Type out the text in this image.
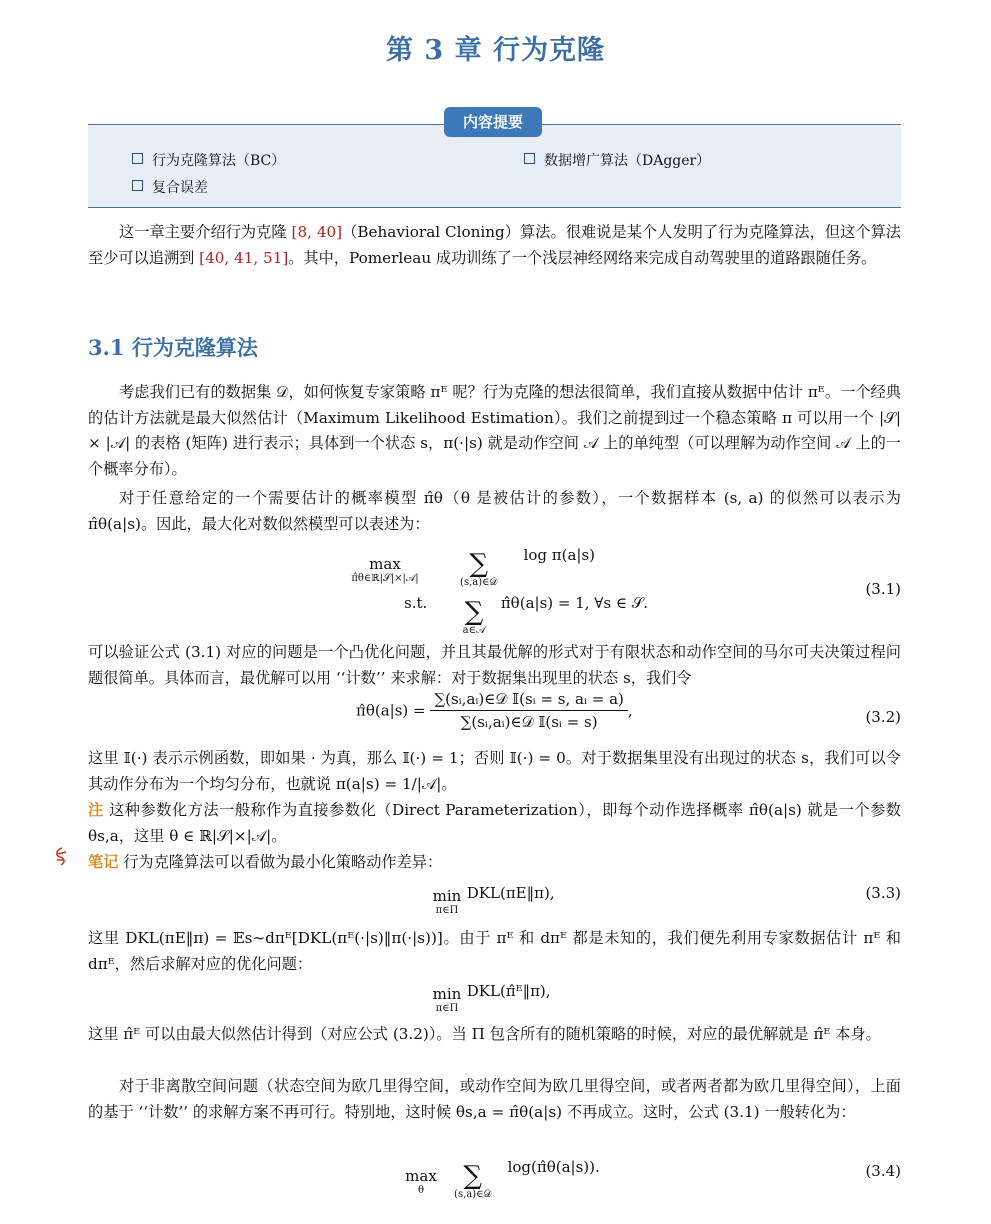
第 3 章 行为克隆
内容提要
行为克隆算法（BC）	数据增广算法（DAgger）
复合误差
这一章主要介绍行为克隆 [8, 40]（Behavioral Cloning）算法。很难说是某个人发明了行为克隆算法，但这个算法至少可以追溯到 [40, 41, 51]。其中，Pomerleau 成功训练了一个浅层神经网络来完成自动驾驶里的道路跟随任务。
3.1 行为克隆算法
考虑我们已有的数据集 𝒟，如何恢复专家策略 πᴱ 呢？行为克隆的想法很简单，我们直接从数据中估计 πᴱ。一个经典的估计方法就是最大似然估计（Maximum Likelihood Estimation）。我们之前提到过一个稳态策略 π 可以用一个 |𝒮| × |𝒜| 的表格 (矩阵) 进行表示；具体到一个状态 s，π(·|s) 就是动作空间 𝒜 上的单纯型（可以理解为动作空间 𝒜 上的一个概率分布）。
对于任意给定的一个需要估计的概率模型 π̂θ（θ 是被估计的参数），一个数据样本 (s, a) 的似然可以表示为 π̂θ(a|s)。因此，最大化对数似然模型可以表述为：
max
π̂θ∈ℝ|𝒮|×|𝒜|
	∑
(s,a)∈𝒟
log π(a|s)
s.t.	∑
a∈𝒜
π̂θ(a|s) = 1, ∀s ∈ 𝒮.
(3.1)
可以验证公式 (3.1) 对应的问题是一个凸优化问题，并且其最优解的形式对于有限状态和动作空间的马尔可夫决策过程问题很简单。具体而言，最优解可以用 ‘‘计数’’ 来求解：对于数据集出现里的状态 s，我们令
π̂θ(a|s) = $\frac{\text{∑(sᵢ,aᵢ)∈𝒟 𝕀(sᵢ = s, aᵢ = a)}}{\text{∑(sᵢ,aᵢ)∈𝒟 𝕀(sᵢ = s)}}$ ,	(3.2)
这里 𝕀(·) 表示示例函数，即如果 · 为真，那么 𝕀(·) = 1；否则 𝕀(·) = 0。对于数据集里没有出现过的状态 s，我们可以令其动作分布为一个均匀分布，也就说 π(a|s) = 1/|𝒜|。
注 这种参数化方法一般称作为直接参数化（Direct Parameterization），即每个动作选择概率 π̂θ(a|s) 就是一个参数 θs,a，这里 θ ∈ ℝ|𝒮|×|𝒜|。
笔记 行为克隆算法可以看做为最小化策略动作差异：
min
π∈Π
DKL(πE‖π),	(3.3)
这里 DKL(πE‖π) = 𝔼s∼dπᴱ[DKL(πᴱ(·|s)‖π(·|s))]。由于 πᴱ 和 dπᴱ 都是未知的，我们便先利用专家数据估计 πᴱ 和 dπᴱ，然后求解对应的优化问题：
min
π∈Π
DKL(π̂ᴱ‖π),
这里 π̂ᴱ 可以由最大似然估计得到（对应公式 (3.2)）。当 Π 包含所有的随机策略的时候，对应的最优解就是 π̂ᴱ 本身。
对于非离散空间问题（状态空间为欧几里得空间，或动作空间为欧几里得空间，或者两者都为欧几里得空间），上面的基于 ‘‘计数’’ 的求解方案不再可行。特别地，这时候 θs,a = π̂θ(a|s) 不再成立。这时，公式 (3.1) 一般转化为：
max
θ
	∑
(s,a)∈𝒟
log(π̂θ(a|s)).	(3.4)
